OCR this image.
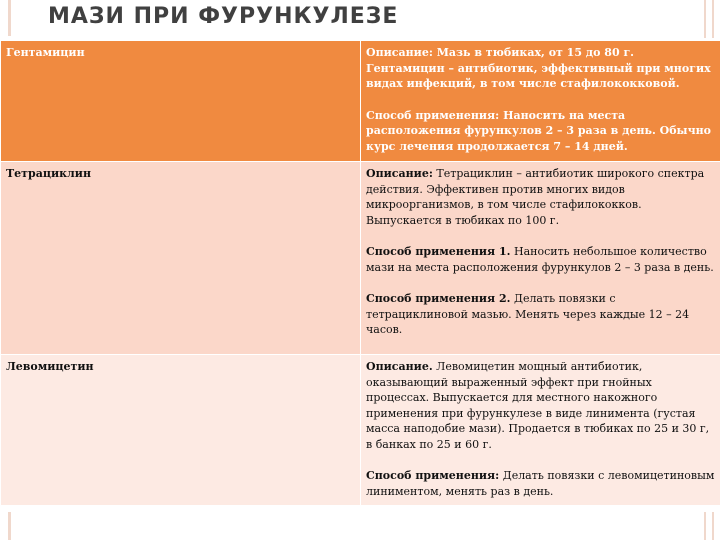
МАЗИ ПРИ ФУРУНКУЛЕЗЕ
Гентамицин	Описание: Мазь в тюбиках, от 15 до 80 г. Гентамицин – антибиотик, эффективный при многих видах инфекций, в том числе стафилококковой.

Способ применения: Наносить на места расположения фурункулов 2 – 3 раза в день. Обычно курс лечения продолжается 7 – 14 дней.

Тетрациклин	Описание: Тетрациклин – антибиотик широкого спектра действия. Эффективен против многих видов микроорганизмов, в том числе стафилококков. Выпускается в тюбиках по 100 г.

Способ применения 1. Наносить небольшое количество мази на места расположения фурункулов 2 – 3 раза в день.

Способ применения 2. Делать повязки с тетрациклиновой мазью. Менять через каждые 12 – 24 часов.

Левомицетин	Описание. Левомицетин мощный антибиотик, оказывающий выраженный эффект при гнойных процессах. Выпускается для местного накожного применения при фурункулезе в виде линимента (густая масса наподобие мази). Продается в тюбиках по 25 и 30 г, в банках по 25 и 60 г.

Способ применения: Делать повязки с левомицетиновым линиментом, менять раз в день.
